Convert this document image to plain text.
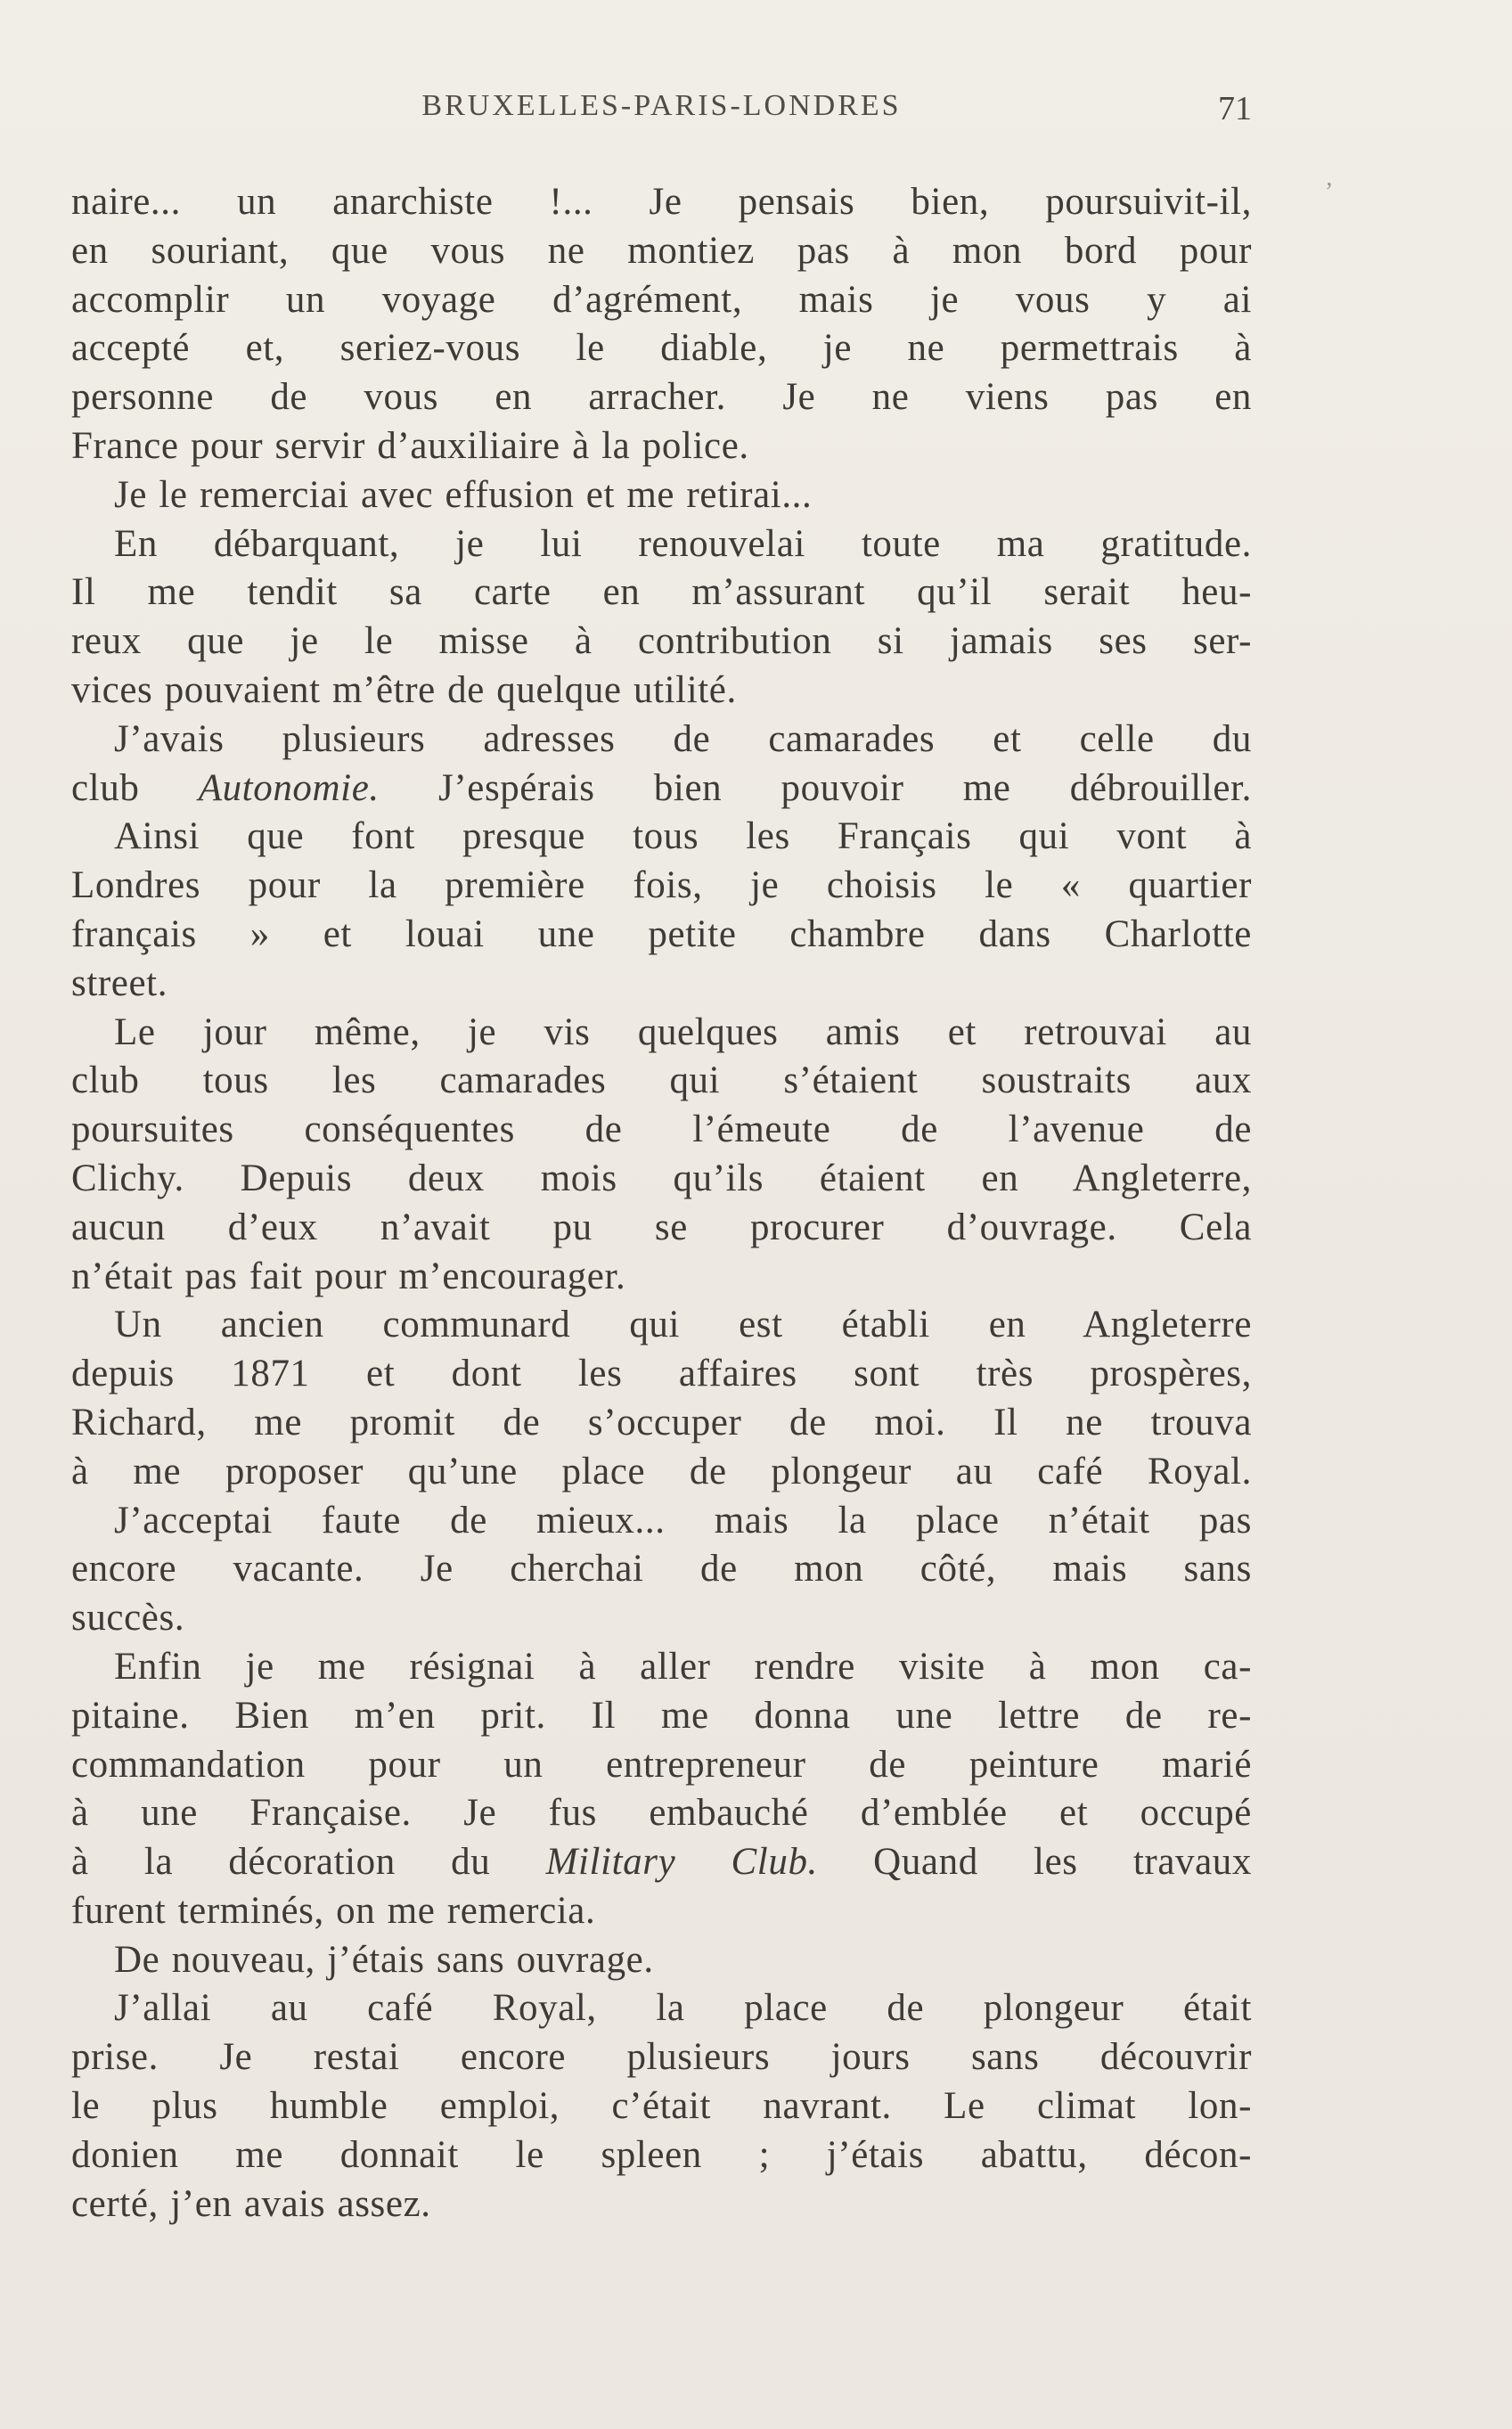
BRUXELLES-PARIS-LONDRES	71
ʼ
naire... un anarchiste !... Je pensais bien, poursuivit-il,
en souriant, que vous ne montiez pas à mon bord pour
accomplir un voyage d’agrément, mais je vous y ai
accepté et, seriez-vous le diable, je ne permettrais à
personne de vous en arracher. Je ne viens pas en
France pour servir d’auxiliaire à la police.
Je le remerciai avec effusion et me retirai...
En débarquant, je lui renouvelai toute ma gratitude.
Il me tendit sa carte en m’assurant qu’il serait heu-
reux que je le misse à contribution si jamais ses ser-
vices pouvaient m’être de quelque utilité.
J’avais plusieurs adresses de camarades et celle du
club Autonomie. J’espérais bien pouvoir me débrouiller.
Ainsi que font presque tous les Français qui vont à
Londres pour la première fois, je choisis le « quartier
français » et louai une petite chambre dans Charlotte
street.
Le jour même, je vis quelques amis et retrouvai au
club tous les camarades qui s’étaient soustraits aux
poursuites conséquentes de l’émeute de l’avenue de
Clichy. Depuis deux mois qu’ils étaient en Angleterre,
aucun d’eux n’avait pu se procurer d’ouvrage. Cela
n’était pas fait pour m’encourager.
Un ancien communard qui est établi en Angleterre
depuis 1871 et dont les affaires sont très prospères,
Richard, me promit de s’occuper de moi. Il ne trouva
à me proposer qu’une place de plongeur au café Royal.
J’acceptai faute de mieux... mais la place n’était pas
encore vacante. Je cherchai de mon côté, mais sans
succès.
Enfin je me résignai à aller rendre visite à mon ca-
pitaine. Bien m’en prit. Il me donna une lettre de re-
commandation pour un entrepreneur de peinture marié
à une Française. Je fus embauché d’emblée et occupé
à la décoration du Military Club. Quand les travaux
furent terminés, on me remercia.
De nouveau, j’étais sans ouvrage.
J’allai au café Royal, la place de plongeur était
prise. Je restai encore plusieurs jours sans découvrir
le plus humble emploi, c’était navrant. Le climat lon-
donien me donnait le spleen ; j’étais abattu, décon-
certé, j’en avais assez.
